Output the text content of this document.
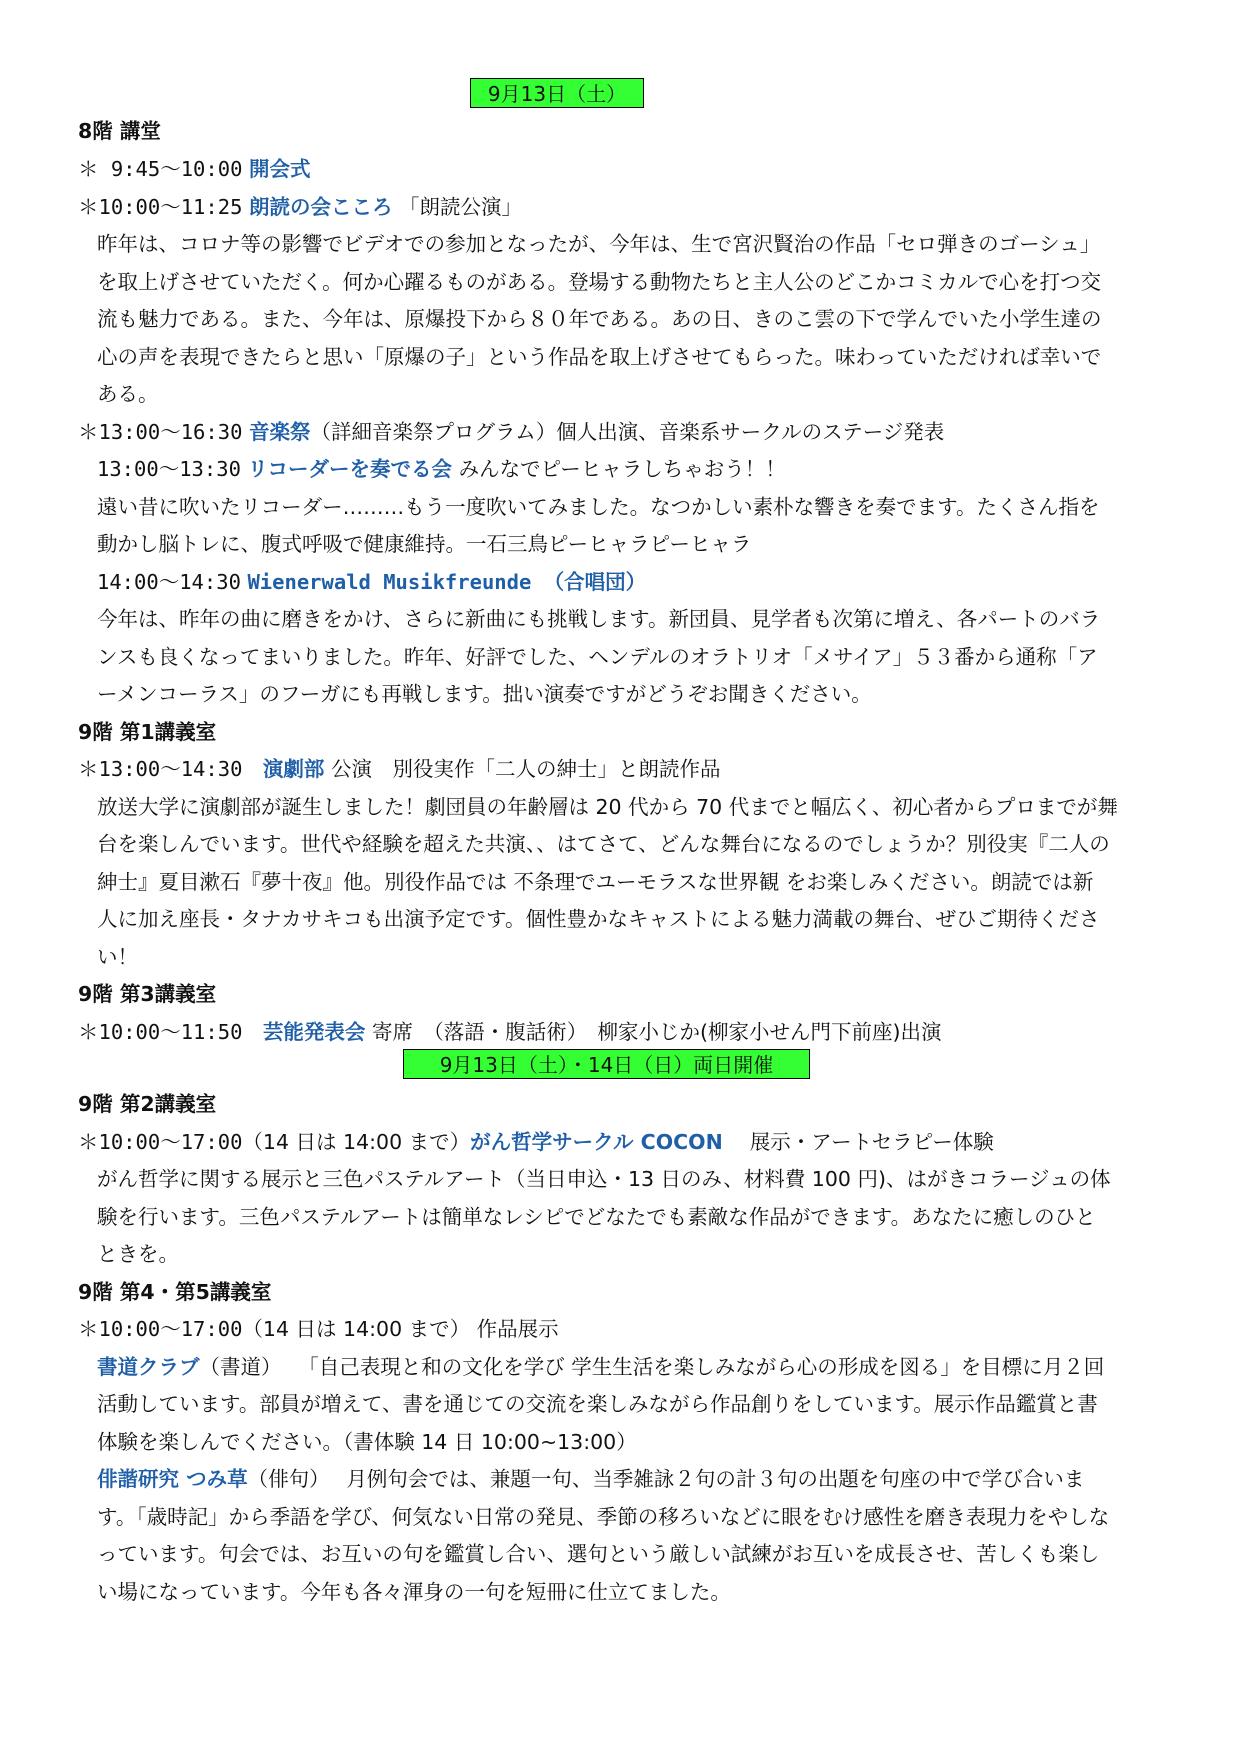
9月13日（土）
8階 講堂
＊ 9:45～10:00 開会式
＊10:00～11:25 朗読の会こころ 「朗読公演」
昨年は、コロナ等の影響でビデオでの参加となったが、今年は、生で宮沢賢治の作品「セロ弾きのゴーシュ」
を取上げさせていただく。何か心躍るものがある。登場する動物たちと主人公のどこかコミカルで心を打つ交
流も魅力である。また、今年は、原爆投下から８０年である。あの日、きのこ雲の下で学んでいた小学生達の
心の声を表現できたらと思い「原爆の子」という作品を取上げさせてもらった。味わっていただければ幸いで
ある。
＊13:00～16:30 音楽祭（詳細音楽祭プログラム）個人出演、音楽系サークルのステージ発表
13:00～13:30 リコーダーを奏でる会 みんなでピーヒャラしちゃおう！！
遠い昔に吹いたリコーダー………もう一度吹いてみました。なつかしい素朴な響きを奏でます。たくさん指を
動かし脳トレに、腹式呼吸で健康維持。一石三鳥ピーヒャラピーヒャラ
14:00～14:30 Wienerwald Musikfreunde （合唱団）
今年は、昨年の曲に磨きをかけ、さらに新曲にも挑戦します。新団員、見学者も次第に増え、各パートのバラ
ンスも良くなってまいりました。昨年、好評でした、ヘンデルのオラトリオ「メサイア」５３番から通称「ア
ーメンコーラス」のフーガにも再戦します。拙い演奏ですがどうぞお聞きください。
9階 第1講義室
＊13:00～14:30　 演劇部 公演　別役実作「二人の紳士」と朗読作品
放送大学に演劇部が誕生しました！劇団員の年齢層は 20 代から 70 代までと幅広く、初心者からプロまでが舞
台を楽しんでいます。世代や経験を超えた共演、、はてさて、どんな舞台になるのでしょうか？別役実『二人の
紳士』夏目漱石『夢十夜』他。別役作品では 不条理でユーモラスな世界観 をお楽しみください。朗読では新
人に加え座長・タナカサキコも出演予定です。個性豊かなキャストによる魅力満載の舞台、ぜひご期待くださ
い！
9階 第3講義室
＊10:00～11:50　 芸能発表会 寄席　（落語・腹話術）　柳家小じか(柳家小せん門下前座)出演
9月13日（土）・14日（日）両日開催
9階 第2講義室
＊10:00～17:00（14 日は 14:00 まで）がん哲学サークル COCON　 展示・アートセラピー体験
がん哲学に関する展示と三色パステルアート（当日申込・13 日のみ、材料費 100 円)、はがきコラージュの体
験を行います。三色パステルアートは簡単なレシピでどなたでも素敵な作品ができます。あなたに癒しのひと
ときを。
9階 第4・第5講義室
＊10:00～17:00（14 日は 14:00 まで） 作品展示
書道クラブ（書道）　 「自己表現と和の文化を学び 学生生活を楽しみながら心の形成を図る」を目標に月２回
活動しています。部員が増えて、書を通じての交流を楽しみながら作品創りをしています。展示作品鑑賞と書
体験を楽しんでください。（書体験 14 日 10:00~13:00）
俳諧研究 つみ草（俳句）　 月例句会では、兼題一句、当季雑詠２句の計３句の出題を句座の中で学び合いま
す。「歳時記」から季語を学び、何気ない日常の発見、季節の移ろいなどに眼をむけ感性を磨き表現力をやしな
っています。句会では、お互いの句を鑑賞し合い、選句という厳しい試練がお互いを成長させ、苦しくも楽し
い場になっています。今年も各々渾身の一句を短冊に仕立てました。
